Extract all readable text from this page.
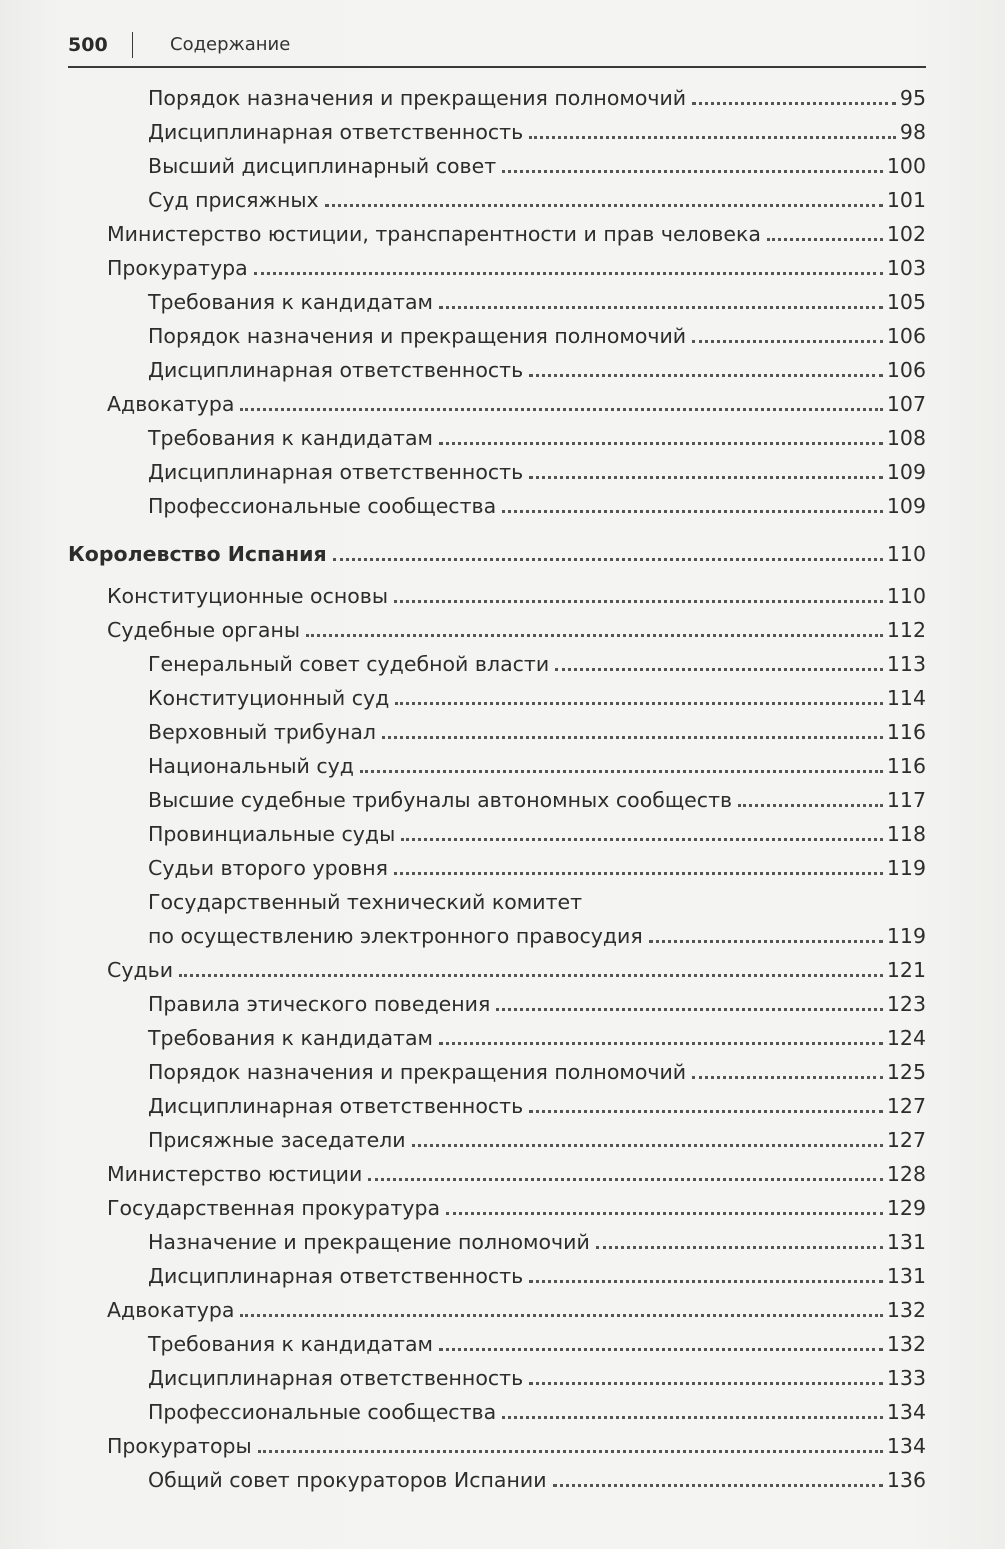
500	Содержание
Порядок назначения и прекращения полномочий	95
Дисциплинарная ответственность	98
Высший дисциплинарный совет	100
Суд присяжных	101
Министерство юстиции, транспарентности и прав человека	102
Прокуратура	103
Требования к кандидатам	105
Порядок назначения и прекращения полномочий	106
Дисциплинарная ответственность	106
Адвокатура	107
Требования к кандидатам	108
Дисциплинарная ответственность	109
Профессиональные сообщества	109
Королевство Испания	110
Конституционные основы	110
Судебные органы	112
Генеральный совет судебной власти	113
Конституционный суд	114
Верховный трибунал	116
Национальный суд	116
Высшие судебные трибуналы автономных сообществ	117
Провинциальные суды	118
Судьи второго уровня	119
Государственный технический комитет
по осуществлению электронного правосудия	119
Судьи	121
Правила этического поведения	123
Требования к кандидатам	124
Порядок назначения и прекращения полномочий	125
Дисциплинарная ответственность	127
Присяжные заседатели	127
Министерство юстиции	128
Государственная прокуратура	129
Назначение и прекращение полномочий	131
Дисциплинарная ответственность	131
Адвокатура	132
Требования к кандидатам	132
Дисциплинарная ответственность	133
Профессиональные сообщества	134
Прокураторы	134
Общий совет прокураторов Испании	136
